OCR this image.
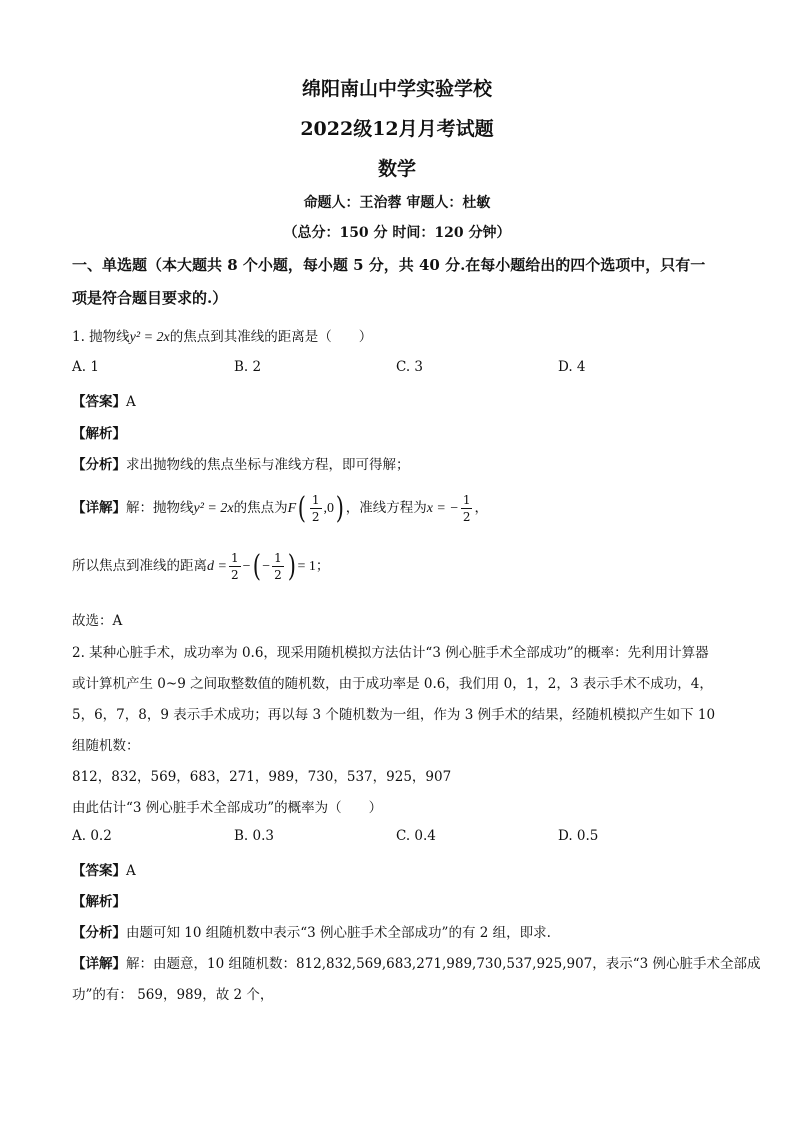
绵阳南山中学实验学校
2022级12月月考试题
数学
命题人：王治蓉 审题人：杜敏
（总分：150 分 时间：120 分钟）
一、单选题（本大题共 8 个小题，每小题 5 分，共 40 分.在每小题给出的四个选项中，只有一
项是符合题目要求的.）
1. 抛物线y² = 2x的焦点到其准线的距离是（　　）
A. 1	B. 2	C. 3	D. 4
【答案】A
【解析】
【分析】求出抛物线的焦点坐标与准线方程，即可得解；
【详解】解：抛物线y² = 2x的焦点为$F( \frac{1}{2} ,0)$ ，准线方程为x = − $\frac{1}{2}$ ，
所以焦点到准线的距离$d = \frac{1}{2}$ −( − $\frac{1}{2}$ ) = 1；
故选：A
2. 某种心脏手术，成功率为 0.6，现采用随机模拟方法估计“3 例心脏手术全部成功”的概率：先利用计算器
或计算机产生 0~9 之间取整数值的随机数，由于成功率是 0.6，我们用 0，1，2，3 表示手术不成功，4，
5，6，7，8，9 表示手术成功；再以每 3 个随机数为一组，作为 3 例手术的结果，经随机模拟产生如下 10
组随机数：
812，832，569，683，271，989，730，537，925，907
由此估计“3 例心脏手术全部成功”的概率为（　　）
A. 0.2	B. 0.3	C. 0.4	D. 0.5
【答案】A
【解析】
【分析】由题可知 10 组随机数中表示“3 例心脏手术全部成功”的有 2 组，即求.
【详解】解：由题意，10 组随机数：812,832,569,683,271,989,730,537,925,907，表示“3 例心脏手术全部成
功”的有： 569，989，故 2 个，
